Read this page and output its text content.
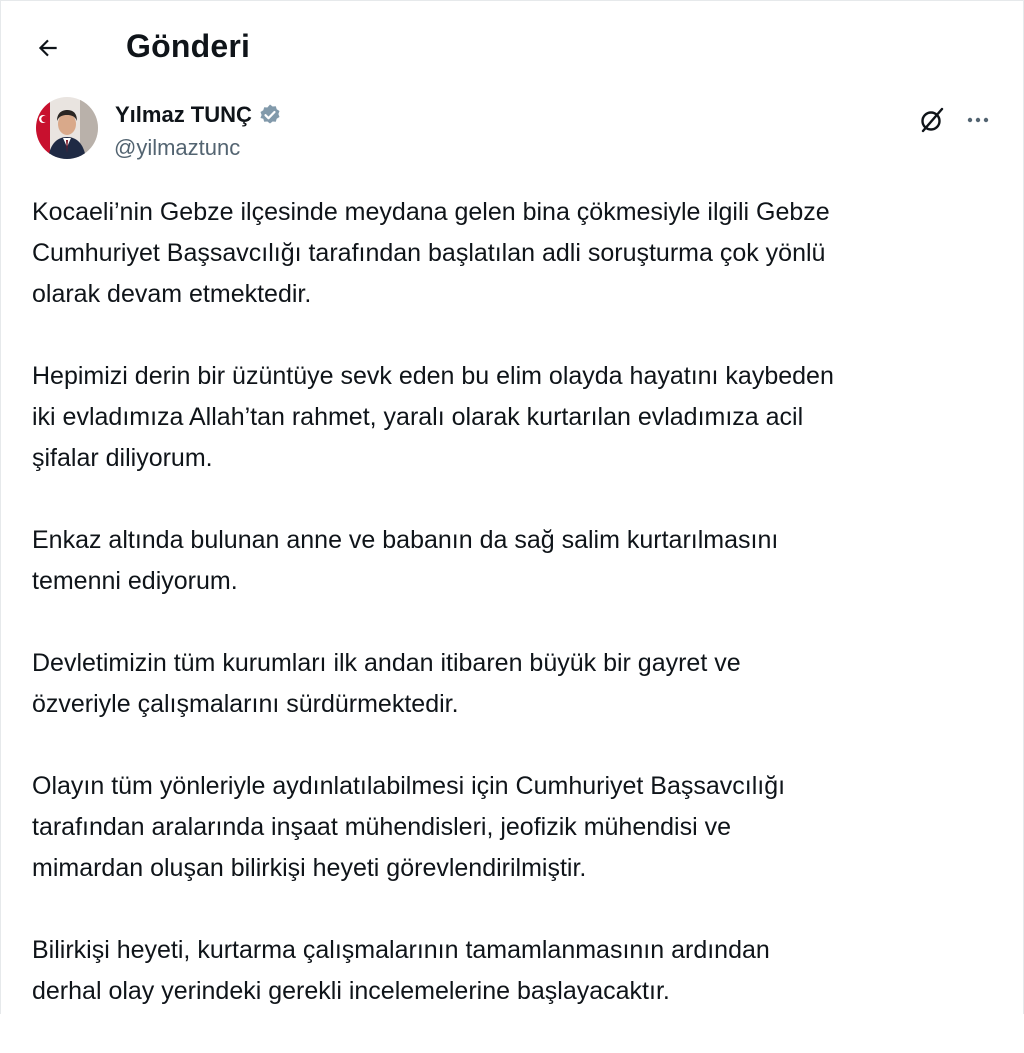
Gönderi
Yılmaz TUNÇ
@yilmaztunc

Kocaeli’nin Gebze ilçesinde meydana gelen bina çökmesiyle ilgili Gebze
Cumhuriyet Başsavcılığı tarafından başlatılan adli soruşturma çok yönlü
olarak devam etmektedir.

Hepimizi derin bir üzüntüye sevk eden bu elim olayda hayatını kaybeden
iki evladımıza Allah’tan rahmet, yaralı olarak kurtarılan evladımıza acil
şifalar diliyorum.

Enkaz altında bulunan anne ve babanın da sağ salim kurtarılmasını
temenni ediyorum.

Devletimizin tüm kurumları ilk andan itibaren büyük bir gayret ve
özveriyle çalışmalarını sürdürmektedir.

Olayın tüm yönleriyle aydınlatılabilmesi için Cumhuriyet Başsavcılığı
tarafından aralarında inşaat mühendisleri, jeofizik mühendisi ve
mimardan oluşan bilirkişi heyeti görevlendirilmiştir.

Bilirkişi heyeti, kurtarma çalışmalarının tamamlanmasının ardından
derhal olay yerindeki gerekli incelemelerine başlayacaktır.
